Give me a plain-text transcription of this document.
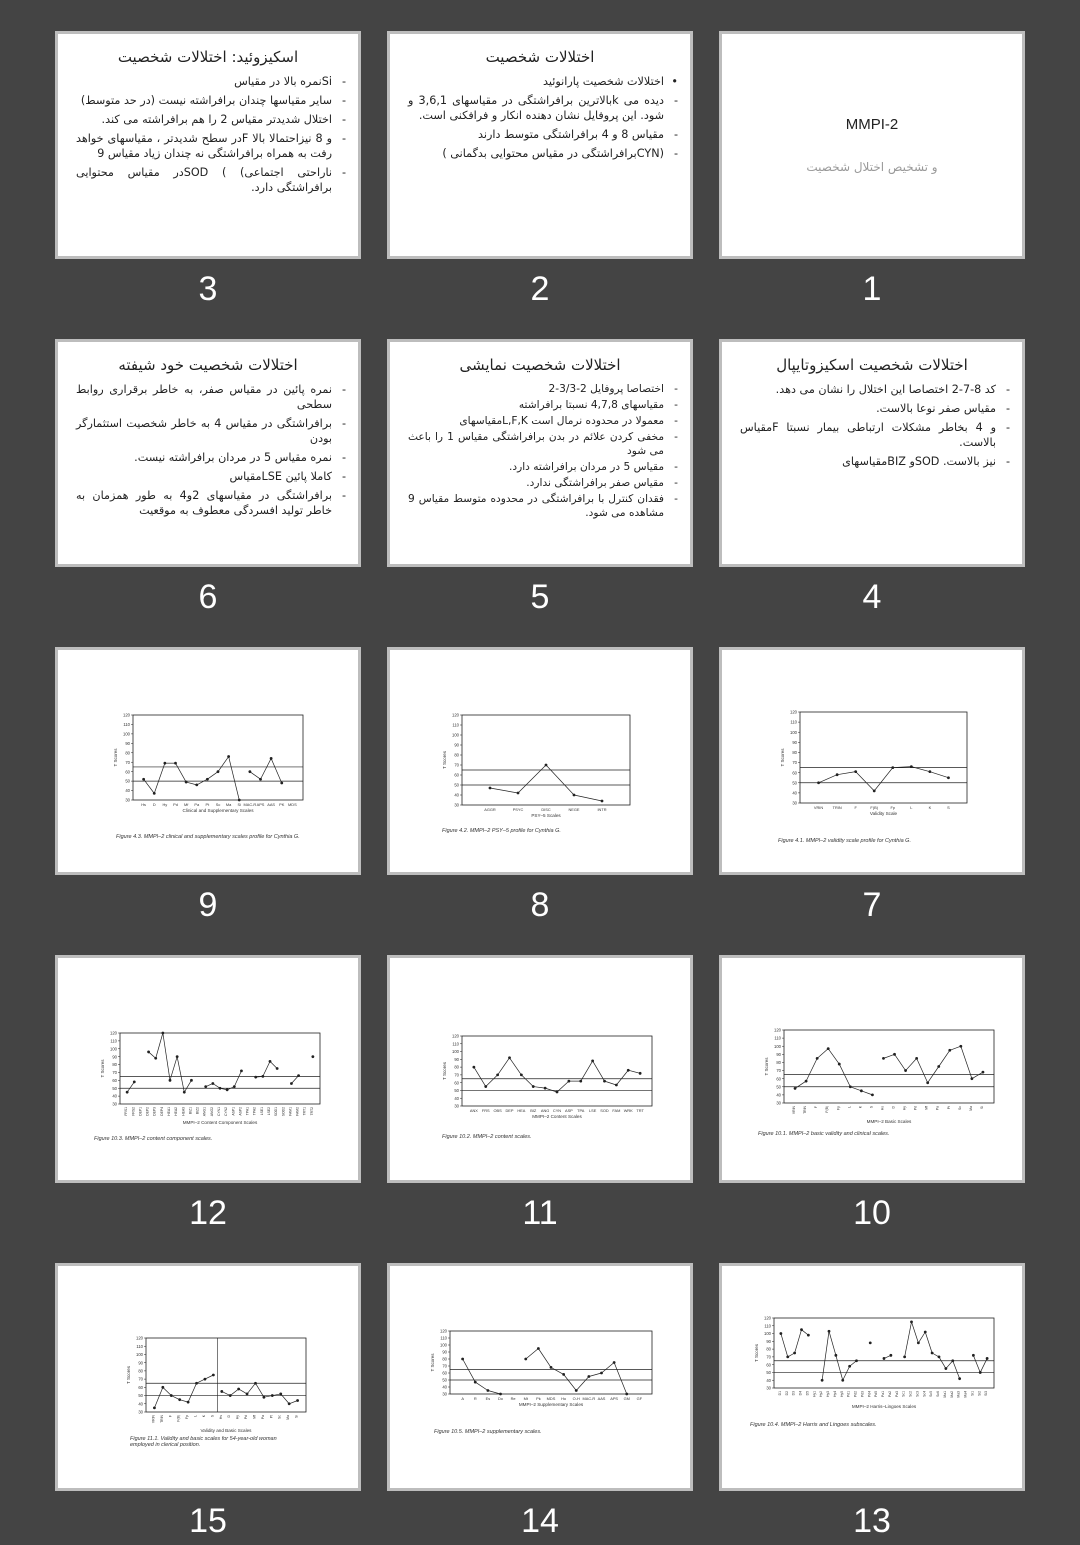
اسکیزوئید: اختلالات شخصیت
- Siنمره بالا در مقیاس
- سایر مقیاسها چندان برافراشته نیست (در حد متوسط)
- اختلال شدیدتر مقیاس 2 را هم برافراشته می کند.
- و 8 نیزاحتمالا بالا Fدر سطح شدیدتر ، مقیاسهای خواهد رفت به همراه برافراشتگی نه چندان زیاد مقیاس 9
- ناراحتی اجتماعی) ) SODدر مقیاس محتوایی برافراشتگی دارد.
اختلالات شخصیت
• اختلالات شخصیت پارانوئید
- دیده می kبالاترین برافراشتگی در مقیاسهای 3,6,1 و شود. این پروفایل نشان دهنده انکار و فرافکنی است.
- مقیاس 8 و 4 برافراشتگی متوسط دارند
- (CYNبرافراشتگی در مقیاس محتوایی بدگمانی )
MMPI-2
و تشخیص اختلال شخصیت
3	2	1
اختلالات شخصیت خود شیفته
- نمره پائین در مقیاس صفر، به خاطر برقراری روابط سطحی
- برافراشتگی در مقیاس 4 به خاطر شخصیت استثمارگر بودن
- نمره مقیاس 5 در مردان برافراشته نیست.
- کاملا پائین LSEمقیاس
- برافراشتگی در مقیاسهای 2و4 به طور همزمان به خاطر تولید افسردگی معطوف به موقعیت
اختلالات شخصیت نمایشی
- اختصاصا پروفایل 2-3/3-2
- مقیاسهای 4,7,8 نسبتا برافراشته
- معمولا در محدوده نرمال است L,F,Kمقیاسهای
- مخفی کردن علائم در بدن برافراشتگی مقیاس 1 را باعث می شود
- مقیاس 5 در مردان برافراشته دارد.
- مقیاس صفر برافراشتگی ندارد.
- فقدان کنترل با برافراشتگی در محدوده متوسط مقیاس 9 مشاهده می شود.
اختلالات شخصیت اسکیزوتایپال
- کد 8-7-2 اختصاصا این اختلال را نشان می دهد.
- مقیاس صفر نوعا بالاست.
- و 4 بخاطر مشکلات ارتباطی بیمار نسبتا Fمقیاس بالاست.
- نیز بالاست. SODو BIZمقیاسهای
6	5	4
30
40
50
60
70
80
90
100
110
120
T Scores
Hs D Hy Pd Mf Pa Pt Sc Ma Si MAC-R APS AAS PK MDS
Clinical and Supplementary Scales
Figure 4.3. MMPI–2 clinical and supplementary scales profile for Cynthia G.
30
40
50
60
70
80
90
100
110
120
T Scores
AGGR	PSYC	DISC	NEGE	INTR
PSY–5 Scales
Figure 4.2. MMPI–2 PSY–5 profile for Cynthia G.
30
40
50
60
70
80
90
100
110
120
T Scores
VRIN TRIN	F	F(B)	Fp	L	K	S
Validity Scale
Figure 4.1. MMPI–2 validity scale profile for Cynthia G.
9	8	7
30
40
50
60
70
80
90
100
110
120
T Scores
FRS1 FRS2 DEP1 DEP2 DEP3 DEP4 HEA1 HEA2 HEA3 BIZ1 BIZ2 ANG1 ANG2 CYN1 CYN2 ASP1 ASP2 TPA1 TPA2 LSE1 LSE2 SOD1 SOD2 FAM1 FAM2 TRT1 TRT2
MMPI–2 Content Component Scales
Figure 10.3. MMPI–2 content component scales.
30
40
50
60
70
80
90
100
110
120
T Scores
ANX FRS OBS DEP HEA BIZ ANG CYN ASP TPA LSE SOD FAM WRK TRT
MMPI–2 Content Scales
Figure 10.2. MMPI–2 content scales.
30
40
50
60
70
80
90
100
110
120
T Scores
VRIN TRIN F F(B) Fp L K S Hs D Hy Pd Mf Pa Pt Sc Ma Si
MMPI–2 Basic Scales
Figure 10.1. MMPI–2 basic validity and clinical scales.
12	11	10
30
40
50
60
70
80
90
100
110
120
T Scores
VRIN TRIN F F(B) Fp L K S Hs D Hy Pd Mf Pa Pt Sc Ma Si
Validity and Basic Scales
Figure 11.1. Validity and basic scales for 54-year-old woman employed in clerical position.
30
40
50
60
70
80
90
100
110
120
T Scores
A	R Es Do Re Mt Pk MDS Ho O-H MAC-R AAS APS GM GF
MMPI–2 Supplementary Scales
Figure 10.5. MMPI–2 supplementary scales.
30
40
50
60
70
80
90
100
110
120
T Scores
D1 D2 D3 D4 D5 Hy1 Hy2 Hy3 Hy4 Hy5 Pd1 Pd2 Pd3 Pd4 Pd5 Pa1 Pa2 Pa3 Sc1 Sc2 Sc3 Sc4 Sc5 Sc6 Ma1 Ma2 Ma3 Ma4 Si1 Si2 Si3
MMPI–2 Harris–Lingoes Scales
Figure 10.4. MMPI–2 Harris and Lingoes subscales.
15	14	13
